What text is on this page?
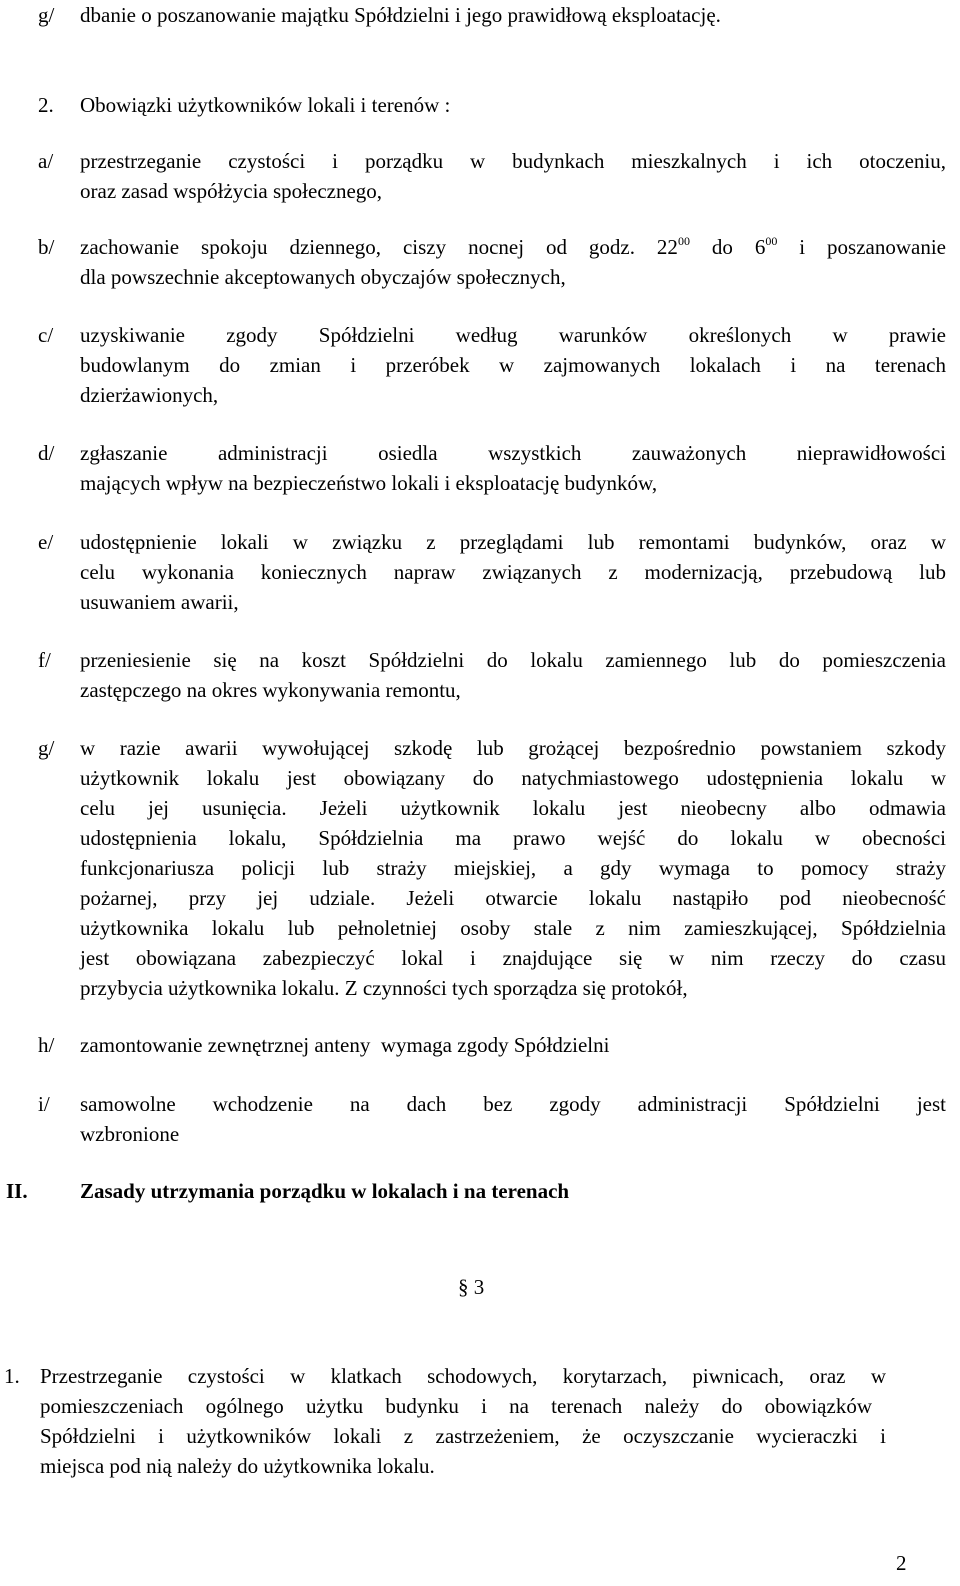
g/ dbanie o poszanowanie majątku Spółdzielni i jego prawidłową eksploatację.
2. Obowiązki użytkowników lokali i terenów :
a/ przestrzeganie czystości i porządku w budynkach mieszkalnych i ich otoczeniu,
oraz zasad współżycia społecznego,
b/ zachowanie spokoju dziennego, ciszy nocnej od godz. $22^{00}$ do $6^{00}$ i poszanowanie
dla powszechnie akceptowanych obyczajów społecznych,
c/ uzyskiwanie zgody Spółdzielni według warunków określonych w prawie
budowlanym do zmian i przeróbek w zajmowanych lokalach i na terenach
dzierżawionych,
d/ zgłaszanie administracji osiedla wszystkich zauważonych nieprawidłowości
mających wpływ na bezpieczeństwo lokali i eksploatację budynków,
e/ udostępnienie lokali w związku z przeglądami lub remontami budynków, oraz w
celu wykonania koniecznych napraw związanych z modernizacją, przebudową lub
usuwaniem awarii,
f/ przeniesienie się na koszt Spółdzielni do lokalu zamiennego lub do pomieszczenia
zastępczego na okres wykonywania remontu,
g/ w razie awarii wywołującej szkodę lub grożącej bezpośrednio powstaniem szkody
użytkownik lokalu jest obowiązany do natychmiastowego udostępnienia lokalu w
celu jej usunięcia. Jeżeli użytkownik lokalu jest nieobecny albo odmawia
udostępnienia lokalu, Spółdzielnia ma prawo wejść do lokalu w obecności
funkcjonariusza policji lub straży miejskiej, a gdy wymaga to pomocy straży
pożarnej, przy jej udziale. Jeżeli otwarcie lokalu nastąpiło pod nieobecność
użytkownika lokalu lub pełnoletniej osoby stale z nim zamieszkującej, Spółdzielnia
jest obowiązana zabezpieczyć lokal i znajdujące się w nim rzeczy do czasu
przybycia użytkownika lokalu. Z czynności tych sporządza się protokół,
h/ zamontowanie zewnętrznej anteny  wymaga zgody Spółdzielni
i/ samowolne wchodzenie na dach bez zgody administracji Spółdzielni jest
wzbronione
II. Zasady utrzymania porządku w lokalach i na terenach
§ 3
1. Przestrzeganie czystości w klatkach schodowych, korytarzach, piwnicach, oraz w
pomieszczeniach ogólnego użytku budynku i na terenach należy do obowiązków
Spółdzielni i użytkowników lokali z zastrzeżeniem, że oczyszczanie wycieraczki i
miejsca pod nią należy do użytkownika lokalu.
2
